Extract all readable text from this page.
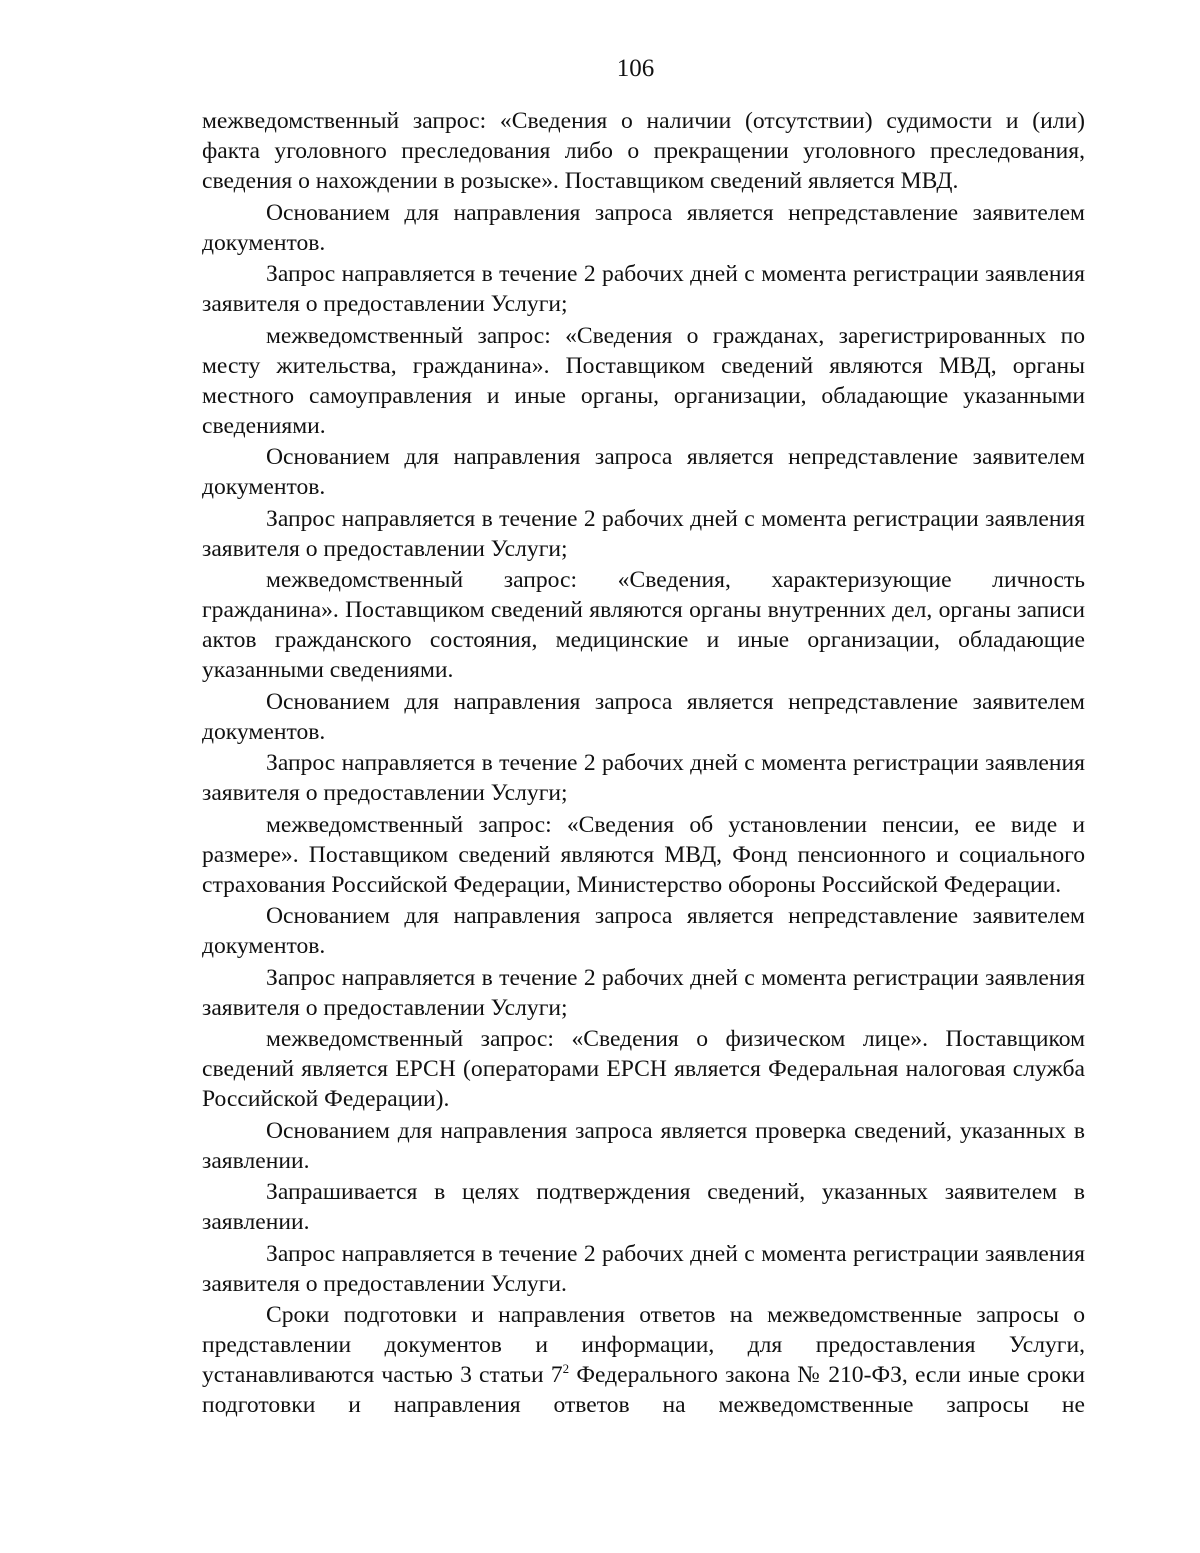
106

межведомственный запрос: «Сведения о наличии (отсутствии) судимости и (или) факта уголовного преследования либо о прекращении уголовного преследования, сведения о нахождении в розыске». Поставщиком сведений является МВД.

Основанием для направления запроса является непредставление заявителем документов.

Запрос направляется в течение 2 рабочих дней с момента регистрации заявления заявителя о предоставлении Услуги;

межведомственный запрос: «Сведения о гражданах, зарегистрированных по месту жительства, гражданина». Поставщиком сведений являются МВД, органы местного самоуправления и иные органы, организации, обладающие указанными сведениями.

Основанием для направления запроса является непредставление заявителем документов.

Запрос направляется в течение 2 рабочих дней с момента регистрации заявления заявителя о предоставлении Услуги;

межведомственный запрос: «Сведения, характеризующие личность гражданина». Поставщиком сведений являются органы внутренних дел, органы записи актов гражданского состояния, медицинские и иные организации, обладающие указанными сведениями.

Основанием для направления запроса является непредставление заявителем документов.

Запрос направляется в течение 2 рабочих дней с момента регистрации заявления заявителя о предоставлении Услуги;

межведомственный запрос: «Сведения об установлении пенсии, ее виде и размере». Поставщиком сведений являются МВД, Фонд пенсионного и социального страхования Российской Федерации, Министерство обороны Российской Федерации.

Основанием для направления запроса является непредставление заявителем документов.

Запрос направляется в течение 2 рабочих дней с момента регистрации заявления заявителя о предоставлении Услуги;

межведомственный запрос: «Сведения о физическом лице». Поставщиком сведений является ЕРСН (операторами ЕРСН является Федеральная налоговая служба Российской Федерации).

Основанием для направления запроса является проверка сведений, указанных в заявлении.

Запрашивается в целях подтверждения сведений, указанных заявителем в заявлении.

Запрос направляется в течение 2 рабочих дней с момента регистрации заявления заявителя о предоставлении Услуги.

Сроки подготовки и направления ответов на межведомственные запросы о представлении документов и информации, для предоставления Услуги, устанавливаются частью 3 статьи $7^2$ Федерального закона № 210-ФЗ, если иные сроки подготовки и направления ответов на межведомственные запросы не
